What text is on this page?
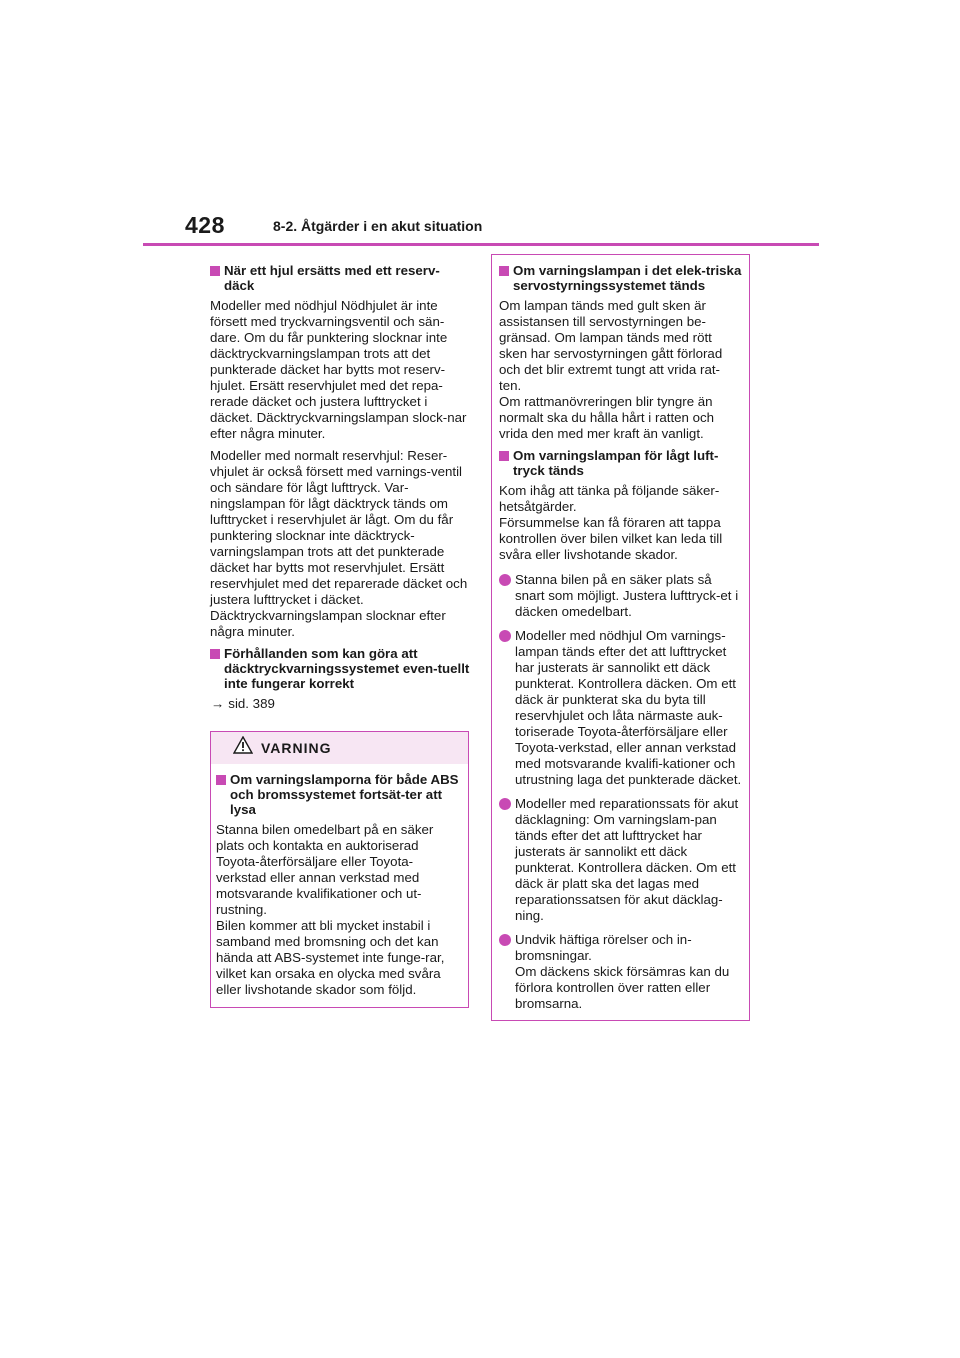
428	8-2. Åtgärder i en akut situation
När ett hjul ersätts med ett reserv-däck
Modeller med nödhjul Nödhjulet är inte försett med tryckvarningsventil och sän-dare. Om du får punktering slocknar inte däcktryckvarningslampan trots att det punkterade däcket har bytts mot reserv-hjulet. Ersätt reservhjulet med det repa-rerade däcket och justera lufttrycket i däcket. Däcktryckvarningslampan slock-nar efter några minuter.
Modeller med normalt reservhjul: Reser-vhjulet är också försett med varnings-ventil och sändare för lågt lufttryck. Var-ningslampan för lågt däcktryck tänds om lufttrycket i reservhjulet är lågt. Om du får punktering slocknar inte däcktryck-varningslampan trots att det punkterade däcket har bytts mot reservhjulet. Ersätt reservhjulet med det reparerade däcket och justera lufttrycket i däcket. Däcktryckvarningslampan slocknar efter några minuter.
Förhållanden som kan göra att däcktryckvarningssystemet even-tuellt inte fungerar korrekt
→ sid. 389
VARNING
Om varningslamporna för både ABS och bromssystemet fortsät-ter att lysa
Stanna bilen omedelbart på en säker plats och kontakta en auktoriserad Toyota-återförsäljare eller Toyota-verkstad eller annan verkstad med motsvarande kvalifikationer och ut-rustning.
Bilen kommer att bli mycket instabil i samband med bromsning och det kan hända att ABS-systemet inte funge-rar, vilket kan orsaka en olycka med svåra eller livshotande skador som följd.
Om varningslampan i det elek-triska servostyrningssystemet tänds
Om lampan tänds med gult sken är assistansen till servostyrningen be-gränsad. Om lampan tänds med rött sken har servostyrningen gått förlorad och det blir extremt tungt att vrida rat-ten.
Om rattmanövreringen blir tyngre än normalt ska du hålla hårt i ratten och vrida den med mer kraft än vanligt.
Om varningslampan för lågt luft-tryck tänds
Kom ihåg att tänka på följande säker-hetsåtgärder.
Försummelse kan få föraren att tappa kontrollen över bilen vilket kan leda till svåra eller livshotande skador.
Stanna bilen på en säker plats så snart som möjligt. Justera lufttryck-et i däcken omedelbart.
Modeller med nödhjul Om varnings-lampan tänds efter det att lufttrycket har justerats är sannolikt ett däck punkterat. Kontrollera däcken. Om ett däck är punkterat ska du byta till reservhjulet och låta närmaste auk-toriserade Toyota-återförsäljare eller Toyota-verkstad, eller annan verkstad med motsvarande kvalifi-kationer och utrustning laga det punkterade däcket.
Modeller med reparationssats för akut däcklagning: Om varningslam-pan tänds efter det att lufttrycket har justerats är sannolikt ett däck punkterat. Kontrollera däcken. Om ett däck är platt ska det lagas med reparationssatsen för akut däcklag-ning.
Undvik häftiga rörelser och in-bromsningar.
Om däckens skick försämras kan du förlora kontrollen över ratten eller bromsarna.
